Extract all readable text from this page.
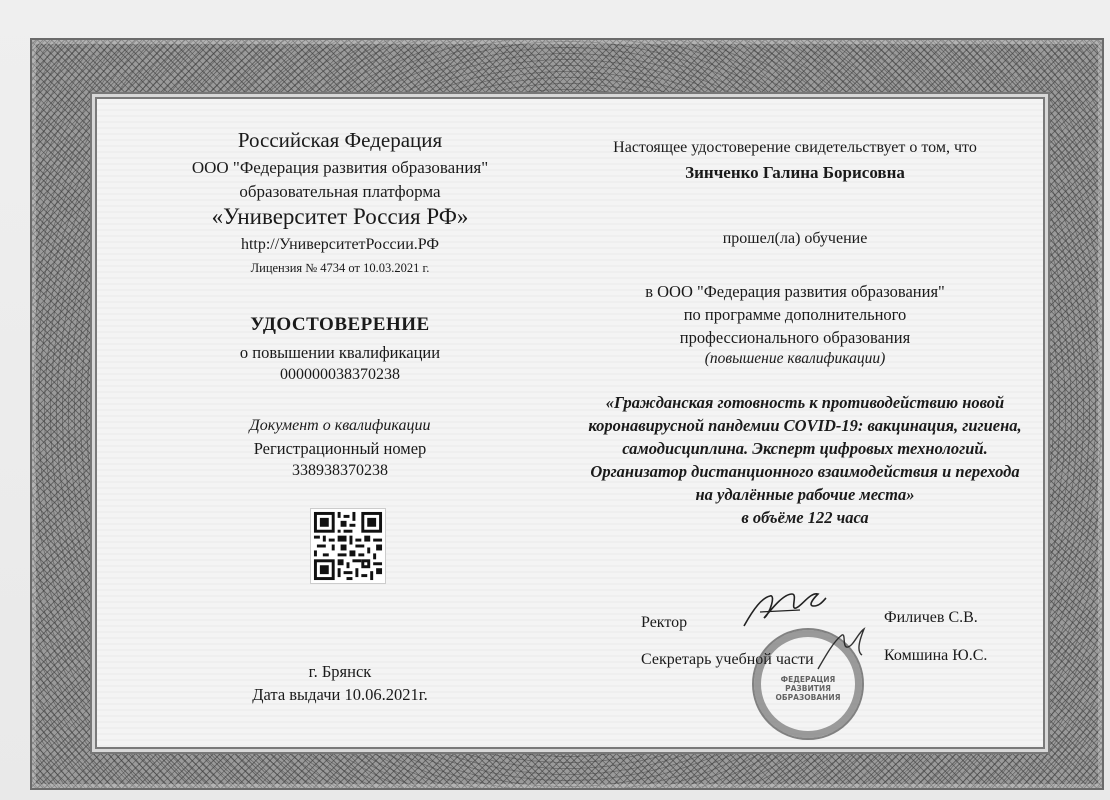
Российская Федерация
ООО "Федерация развития образования"
образовательная платформа
«Университет Россия РФ»
http://УниверситетРоссии.РФ
Лицензия № 4734 от 10.03.2021 г.
УДОСТОВЕРЕНИЕ
о повышении квалификации
000000038370238
Документ о квалификации
Регистрационный номер
338938370238
г. Брянск
Дата выдачи 10.06.2021г.
Настоящее удостоверение свидетельствует о том, что
Зинченко Галина Борисовна
прошел(ла) обучение
в ООО "Федерация развития образования"
по программе дополнительного
профессионального образования
(повышение квалификации)
«Гражданская готовность к противодействию новой
коронавирусной пандемии COVID-19: вакцинация, гигиена,
самодисциплина. Эксперт цифровых технологий.
Организатор дистанционного взаимодействия и перехода
на удалённые рабочие места»
в объёме 122 часа
Ректор	Филичев С.В.
Секретарь учебной части	Комшина Ю.С.
ФЕДЕРАЦИЯ
РАЗВИТИЯ
ОБРАЗОВАНИЯ
